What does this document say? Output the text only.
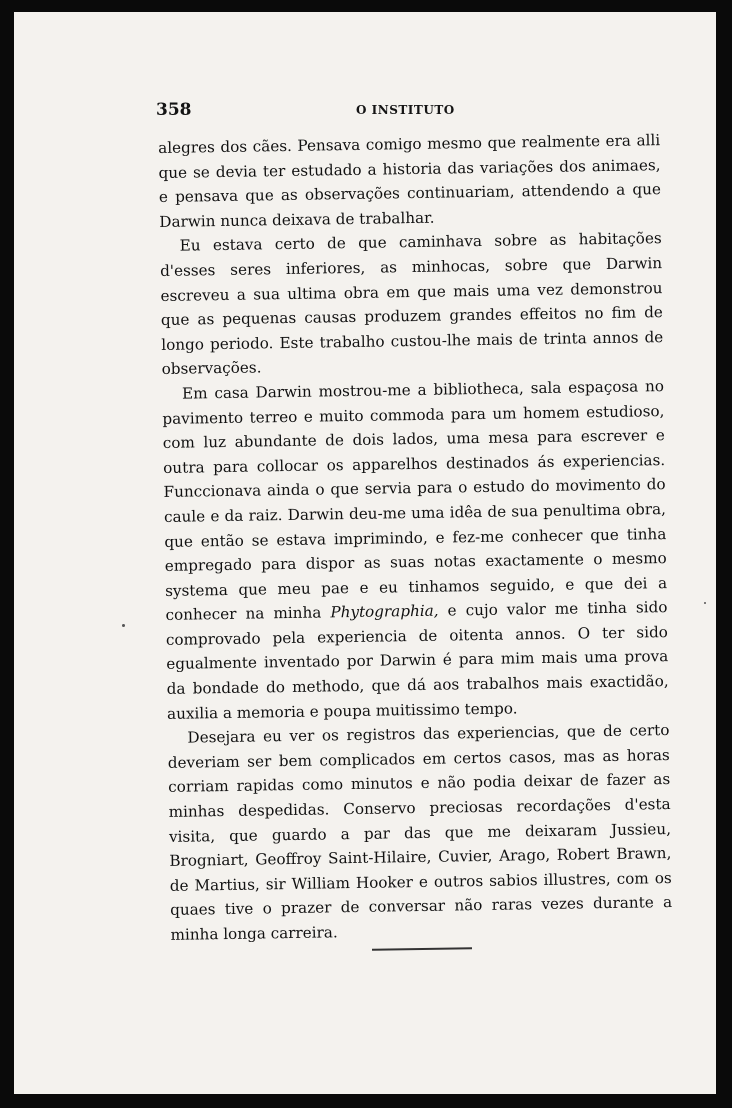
358	O INSTITUTO

alegres dos cães. Pensava comigo mesmo que realmente era alli que se devia ter estudado a historia das variações dos animaes, e pensava que as observações continuariam, attendendo a que Darwin nunca deixava de trabalhar.

Eu estava certo de que caminhava sobre as habitações d'esses seres inferiores, as minhocas, sobre que Darwin escreveu a sua ultima obra em que mais uma vez demonstrou que as pequenas causas produzem grandes effeitos no fim de longo periodo. Este trabalho custou-lhe mais de trinta annos de observações.

Em casa Darwin mostrou-me a bibliotheca, sala espaçosa no pavimento terreo e muito commoda para um homem estudioso, com luz abundante de dois lados, uma mesa para escrever e outra para collocar os apparelhos destinados ás experiencias. Funccionava ainda o que servia para o estudo do movimento do caule e da raiz. Darwin deu-me uma idêa de sua penultima obra, que então se estava imprimindo, e fez-me conhecer que tinha empregado para dispor as suas notas exactamente o mesmo systema que meu pae e eu tinhamos seguido, e que dei a conhecer na minha Phytographia, e cujo valor me tinha sido comprovado pela experiencia de oitenta annos. O ter sido egualmente inventado por Darwin é para mim mais uma prova da bondade do methodo, que dá aos trabalhos mais exactidão, auxilia a memoria e poupa muitissimo tempo.

Desejara eu ver os registros das experiencias, que de certo deveriam ser bem complicados em certos casos, mas as horas corriam rapidas como minutos e não podia deixar de fazer as minhas despedidas. Conservo preciosas recordações d'esta visita, que guardo a par das que me deixaram Jussieu, Brogniart, Geoffroy Saint-Hilaire, Cuvier, Arago, Robert Brawn, de Martius, sir William Hooker e outros sabios illustres, com os quaes tive o prazer de conversar não raras vezes durante a minha longa carreira.
